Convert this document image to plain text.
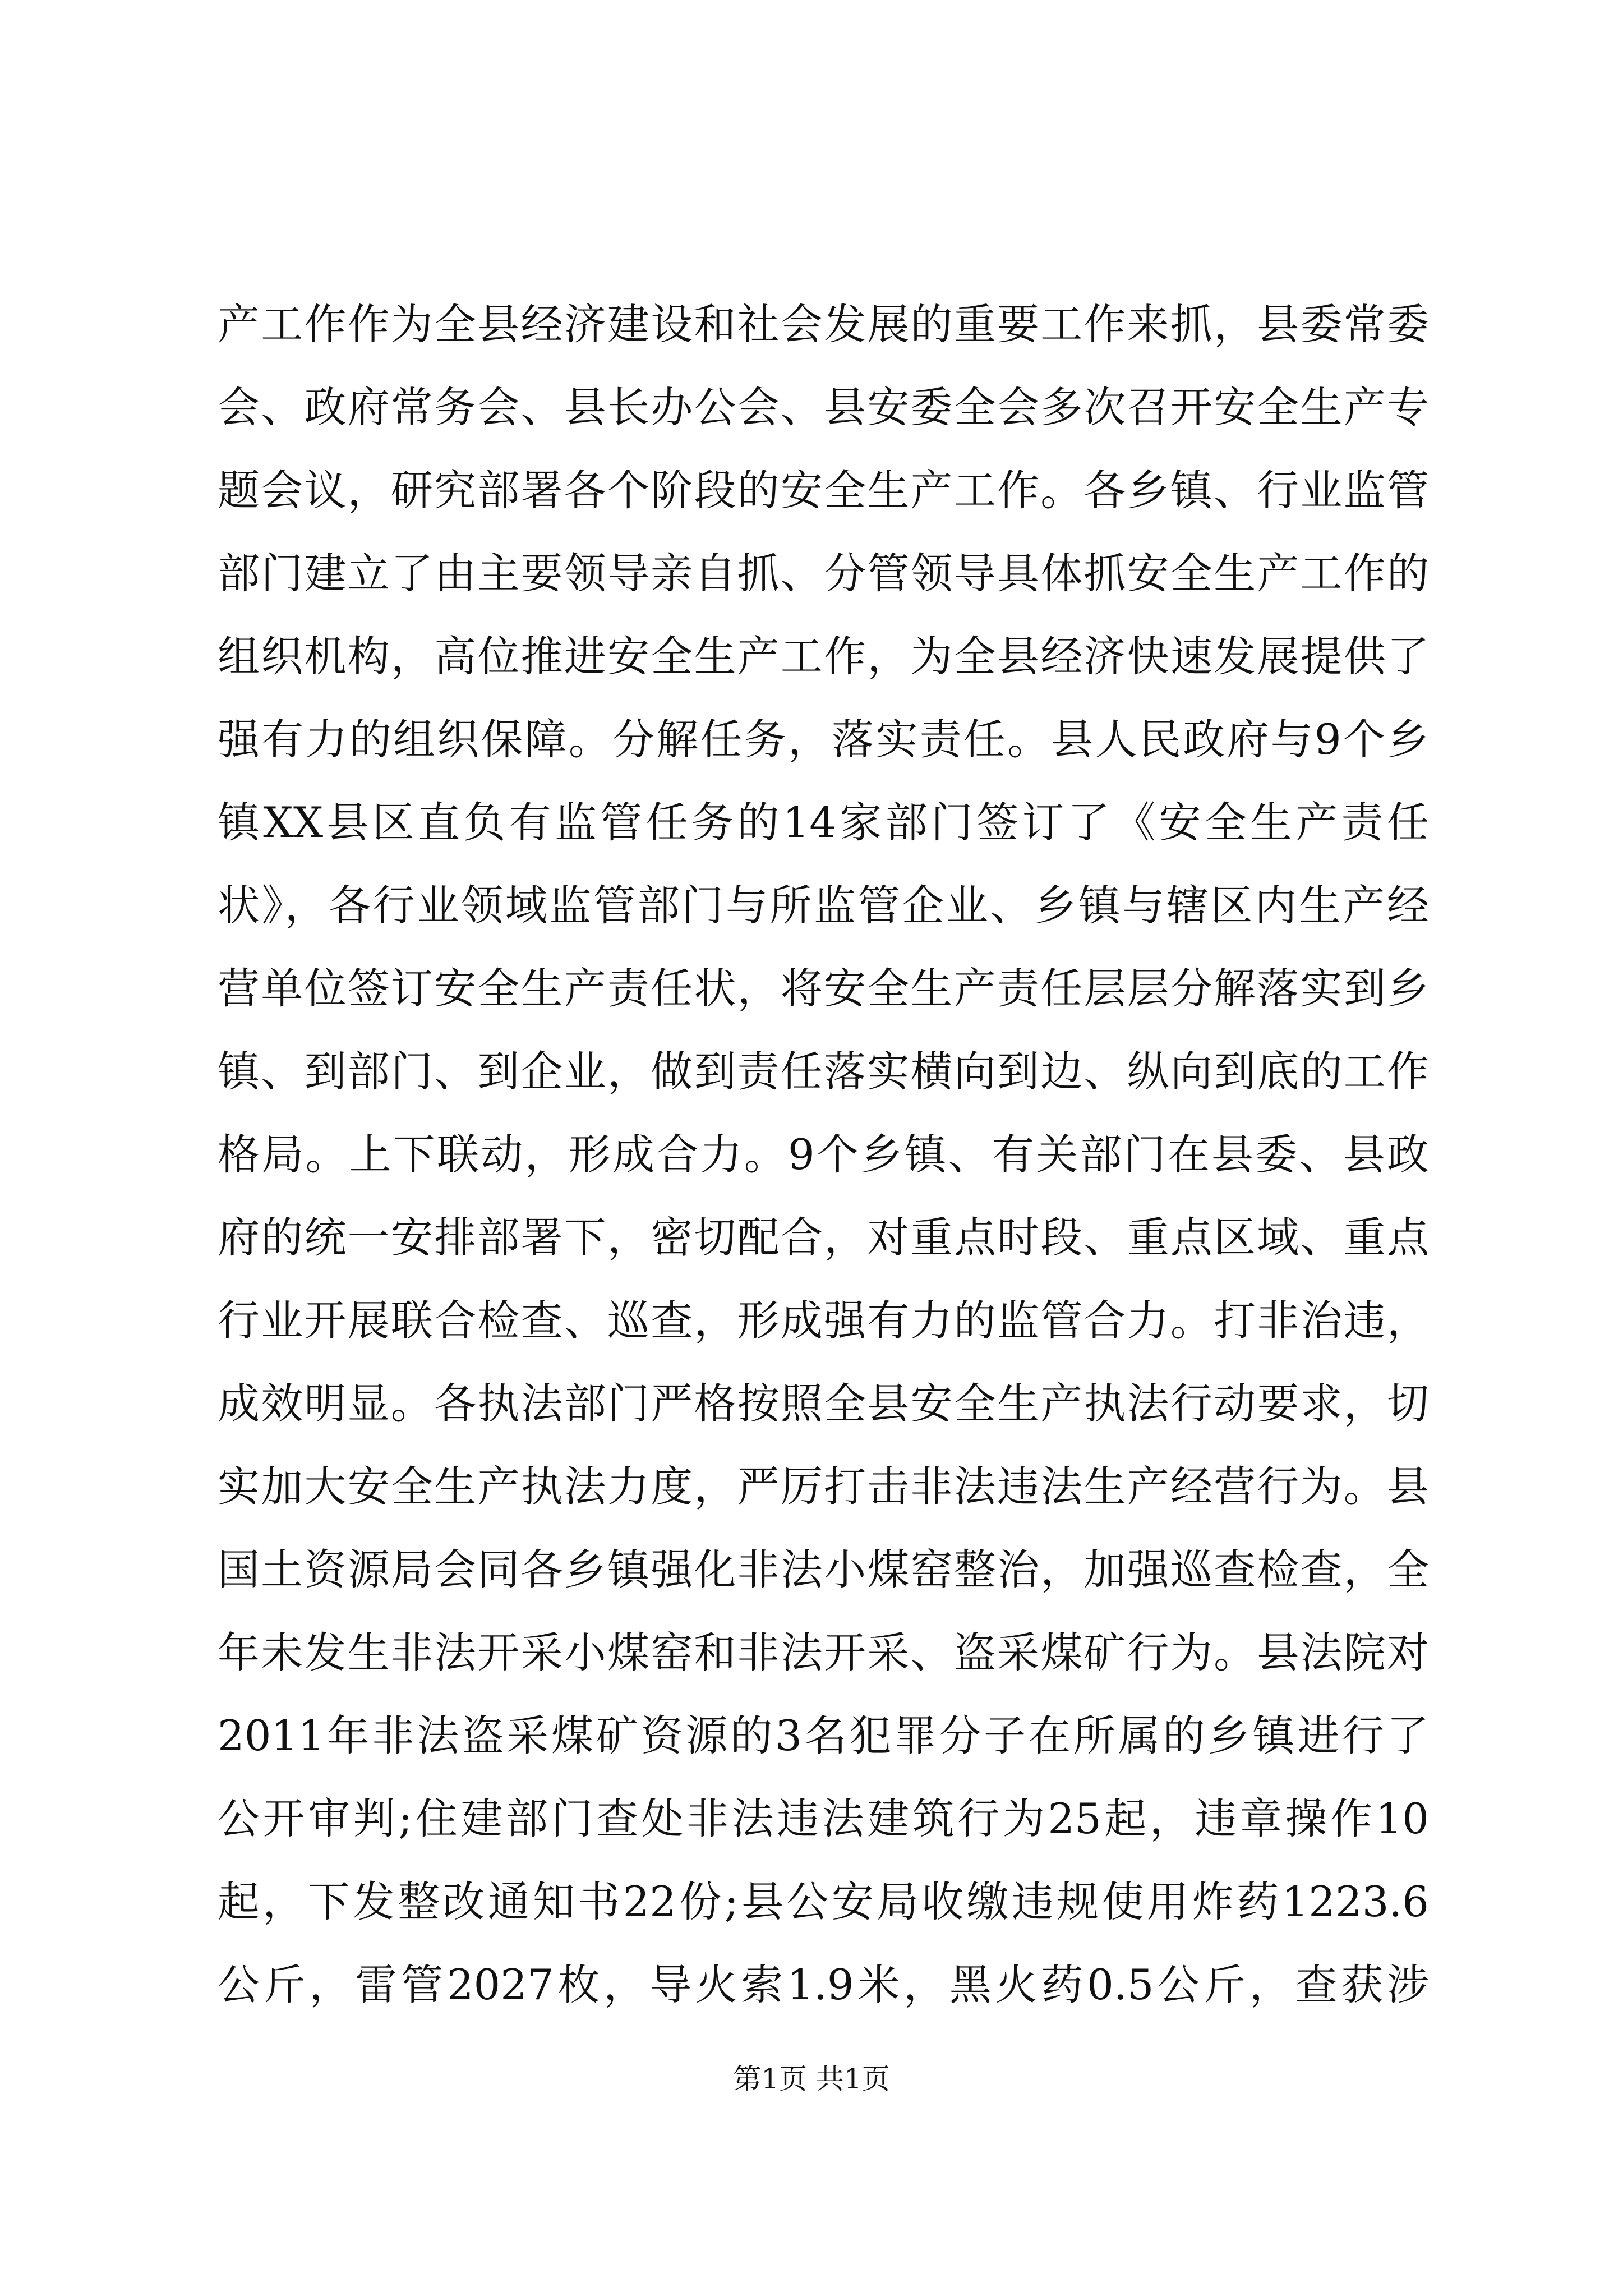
产工作作为全县经济建设和社会发展的重要工作来抓，县委常委
会、政府常务会、县长办公会、县安委全会多次召开安全生产专
题会议，研究部署各个阶段的安全生产工作。各乡镇、行业监管
部门建立了由主要领导亲自抓、分管领导具体抓安全生产工作的
组织机构，高位推进安全生产工作，为全县经济快速发展提供了
强有力的组织保障。分解任务，落实责任。县人民政府与9个乡
镇XX县区直负有监管任务的14家部门签订了《安全生产责任
状》，各行业领域监管部门与所监管企业、乡镇与辖区内生产经
营单位签订安全生产责任状，将安全生产责任层层分解落实到乡
镇、到部门、到企业，做到责任落实横向到边、纵向到底的工作
格局。上下联动，形成合力。9个乡镇、有关部门在县委、县政
府的统一安排部署下，密切配合，对重点时段、重点区域、重点
行业开展联合检查、巡查，形成强有力的监管合力。打非治违，
成效明显。各执法部门严格按照全县安全生产执法行动要求，切
实加大安全生产执法力度，严厉打击非法违法生产经营行为。县
国土资源局会同各乡镇强化非法小煤窑整治，加强巡查检查，全
年未发生非法开采小煤窑和非法开采、盗采煤矿行为。县法院对
2011年非法盗采煤矿资源的3名犯罪分子在所属的乡镇进行了
公开审判;住建部门查处非法违法建筑行为25起，违章操作10
起，下发整改通知书22份;县公安局收缴违规使用炸药1223.6
公斤，雷管2027枚，导火索1.9米，黑火药0.5公斤，查获涉
第1页 共1页
